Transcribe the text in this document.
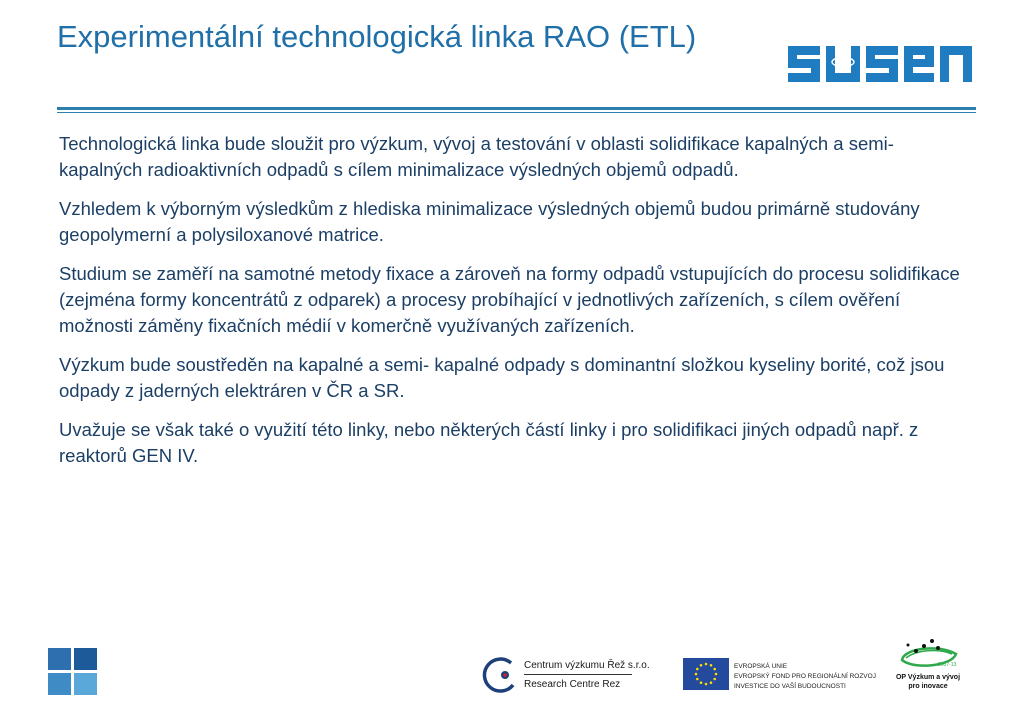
Experimentální technologická linka RAO (ETL)

Technologická linka bude sloužit pro výzkum, vývoj a testování v oblasti solidifikace kapalných a semi- kapalných radioaktivních odpadů s cílem minimalizace výsledných objemů odpadů.

Vzhledem k výborným výsledkům z hlediska minimalizace výsledných objemů budou primárně studovány geopolymerní a polysiloxanové matrice.

Studium se zaměří na samotné metody fixace a zároveň na formy odpadů vstupujících do procesu solidifikace (zejména formy koncentrátů z odparek) a procesy probíhající v jednotlivých zařízeních, s cílem ověření možnosti záměny fixačních médií v komerčně využívaných zařízeních.

Výzkum bude soustředěn na kapalné a semi- kapalné odpady s dominantní složkou kyseliny borité, což jsou odpady z jaderných elektráren v ČR a SR.

Uvažuje se však také o využití této linky, nebo některých částí linky i pro solidifikaci jiných odpadů např. z reaktorů GEN IV.

Centrum výzkumu Řež s.r.o.
Research Centre Rez
EVROPSKÁ UNIE
EVROPSKÝ FOND PRO REGIONÁLNÍ ROZVOJ
INVESTICE DO VAŠÍ BUDOUCNOSTI
2007-13
OP Výzkum a vývoj
pro inovace
